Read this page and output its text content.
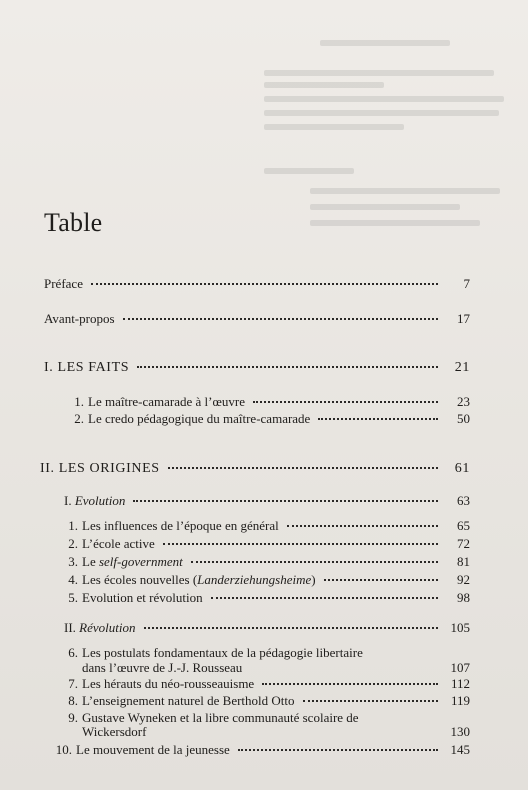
Table
Préface	7
Avant-propos	17
I. LES FAITS	21
1. Le maître-camarade à l’œuvre	23
2. Le credo pédagogique du maître-camarade	50
II. LES ORIGINES	61
I. Evolution	63
1. Les influences de l’époque en général	65
2. L’école active	72
3. Le self-government	81
4. Les écoles nouvelles (Landerziehungsheime)	92
5. Evolution et révolution	98
II. Révolution	105
6. Les postulats fondamentaux de la pédagogie libertaire
dans l’œuvre de J.-J. Rousseau	107
7. Les hérauts du néo-rousseauisme	112
8. L’enseignement naturel de Berthold Otto	119
9. Gustave Wyneken et la libre communauté scolaire de
Wickersdorf	130
10. Le mouvement de la jeunesse	145
